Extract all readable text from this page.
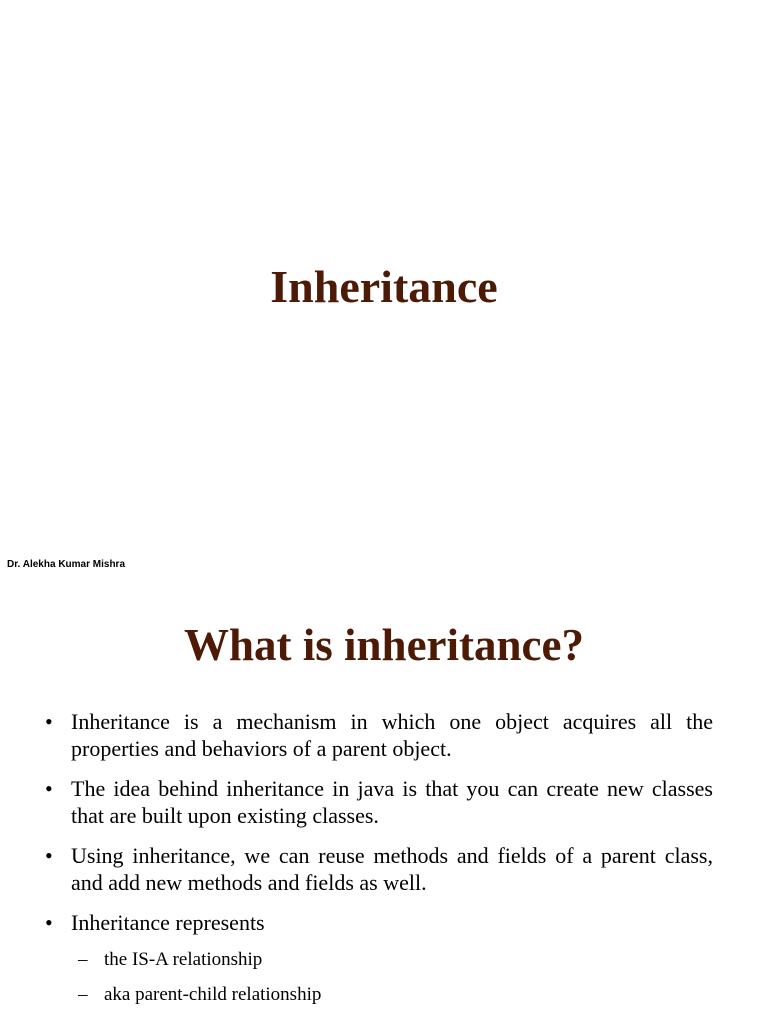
Inheritance
Dr. Alekha Kumar Mishra
What is inheritance?
• Inheritance is a mechanism in which one object acquires all the properties and behaviors of a parent object.
• The idea behind inheritance in java is that you can create new classes that are built upon existing classes.
• Using inheritance, we can reuse methods and fields of a parent class, and add new methods and fields as well.
• Inheritance represents
– the IS-A relationship
– aka parent-child relationship
